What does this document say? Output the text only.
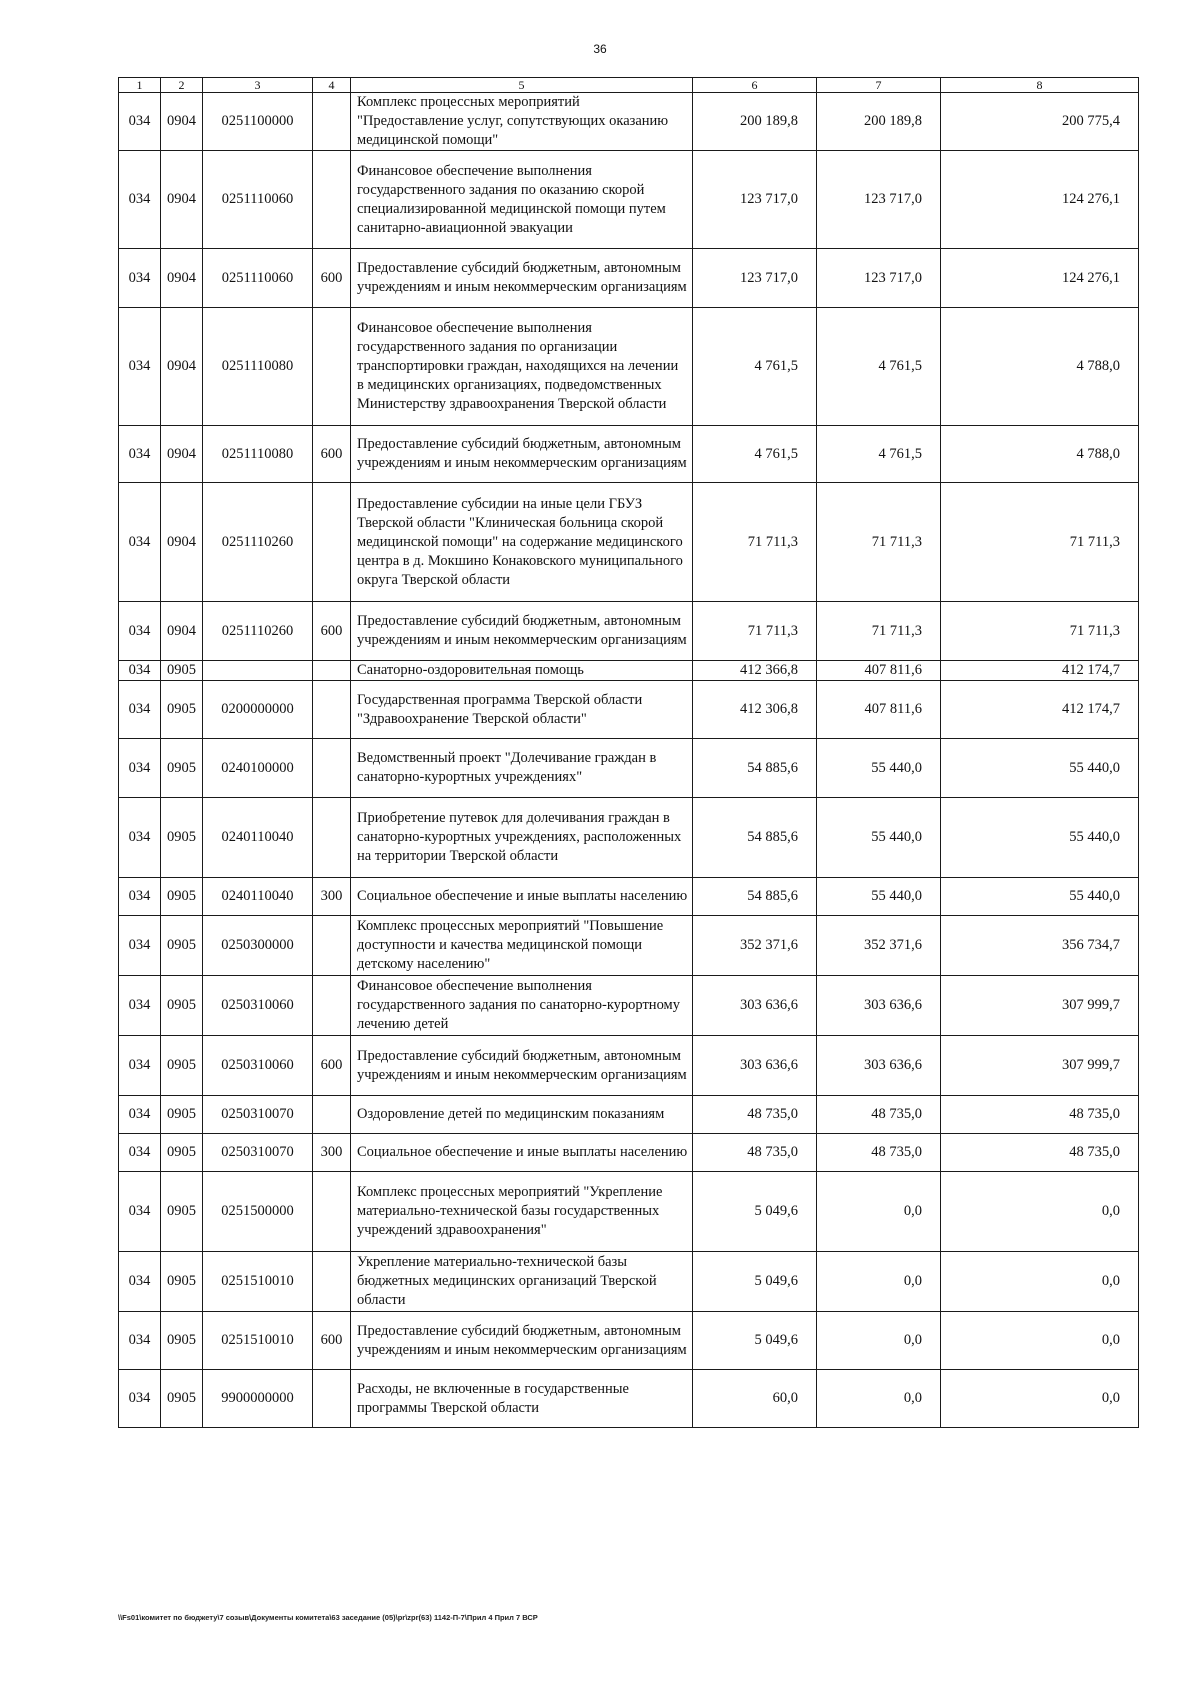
36
1	2	3	4	5	6	7	8
034	0904	0251100000		Комплекс процессных мероприятий "Предоставление услуг, сопутствующих оказанию медицинской помощи"	200 189,8	200 189,8	200 775,4
034	0904	0251110060		Финансовое обеспечение выполнения государственного задания по оказанию скорой специализированной медицинской помощи путем санитарно-авиационной эвакуации	123 717,0	123 717,0	124 276,1
034	0904	0251110060	600	Предоставление субсидий бюджетным, автономным учреждениям и иным некоммерческим организациям	123 717,0	123 717,0	124 276,1
034	0904	0251110080		Финансовое обеспечение выполнения государственного задания по организации транспортировки граждан, находящихся на лечении в медицинских организациях, подведомственных Министерству здравоохранения Тверской области	4 761,5	4 761,5	4 788,0
034	0904	0251110080	600	Предоставление субсидий бюджетным, автономным учреждениям и иным некоммерческим организациям	4 761,5	4 761,5	4 788,0
034	0904	0251110260		Предоставление субсидии на иные цели ГБУЗ Тверской области "Клиническая больница скорой медицинской помощи" на содержание медицинского центра в д. Мокшино Конаковского муниципального округа Тверской области	71 711,3	71 711,3	71 711,3
034	0904	0251110260	600	Предоставление субсидий бюджетным, автономным учреждениям и иным некоммерческим организациям	71 711,3	71 711,3	71 711,3
034	0905			Санаторно-оздоровительная помощь	412 366,8	407 811,6	412 174,7
034	0905	0200000000		Государственная программа Тверской области "Здравоохранение Тверской области"	412 306,8	407 811,6	412 174,7
034	0905	0240100000		Ведомственный проект "Долечивание граждан в санаторно-курортных учреждениях"	54 885,6	55 440,0	55 440,0
034	0905	0240110040		Приобретение путевок для долечивания граждан в санаторно-курортных учреждениях, расположенных на территории Тверской области	54 885,6	55 440,0	55 440,0
034	0905	0240110040	300	Социальное обеспечение и иные выплаты населению	54 885,6	55 440,0	55 440,0
034	0905	0250300000		Комплекс процессных мероприятий "Повышение доступности и качества медицинской помощи детскому населению"	352 371,6	352 371,6	356 734,7
034	0905	0250310060		Финансовое обеспечение выполнения государственного задания по санаторно-курортному лечению детей	303 636,6	303 636,6	307 999,7
034	0905	0250310060	600	Предоставление субсидий бюджетным, автономным учреждениям и иным некоммерческим организациям	303 636,6	303 636,6	307 999,7
034	0905	0250310070		Оздоровление детей по медицинским показаниям	48 735,0	48 735,0	48 735,0
034	0905	0250310070	300	Социальное обеспечение и иные выплаты населению	48 735,0	48 735,0	48 735,0
034	0905	0251500000		Комплекс процессных мероприятий "Укрепление материально-технической базы государственных учреждений здравоохранения"	5 049,6	0,0	0,0
034	0905	0251510010		Укрепление материально-технической базы бюджетных медицинских организаций Тверской области	5 049,6	0,0	0,0
034	0905	0251510010	600	Предоставление субсидий бюджетным, автономным учреждениям и иным некоммерческим организациям	5 049,6	0,0	0,0
034	0905	9900000000		Расходы, не включенные в государственные программы Тверской области	60,0	0,0	0,0
\\Fs01\комитет по бюджету\7 созыв\Документы комитета\63 заседание (05)\pr\zpr(63) 1142-П-7\Прил 4 Прил 7 ВСР
